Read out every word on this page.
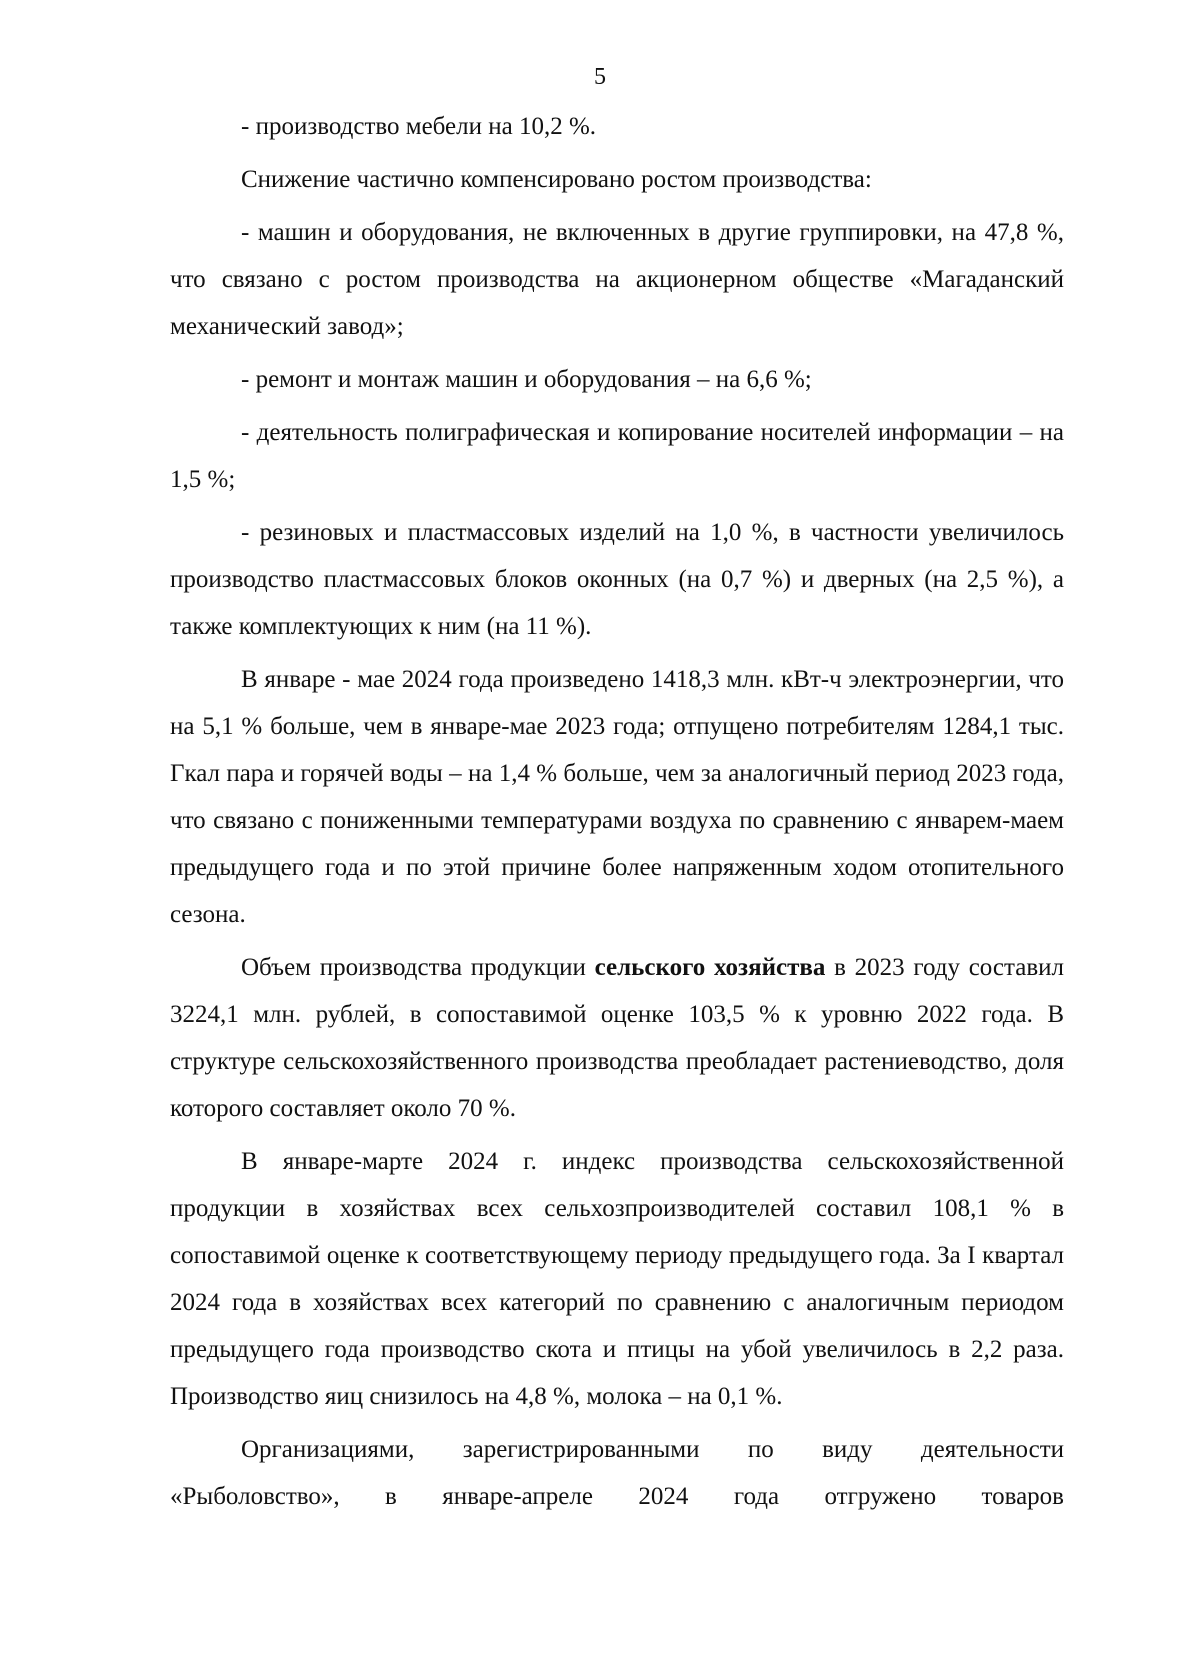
5

- производство мебели на 10,2 %.

Снижение частично компенсировано ростом производства:

- машин и оборудования, не включенных в другие группировки, на 47,8 %, что связано с ростом производства на акционерном обществе «Магаданский механический завод»;

- ремонт и монтаж машин и оборудования – на 6,6 %;

- деятельность полиграфическая и копирование носителей информации – на 1,5 %;

- резиновых и пластмассовых изделий на 1,0 %, в частности увеличилось производство пластмассовых блоков оконных (на 0,7 %) и дверных (на 2,5 %), а также комплектующих к ним (на 11 %).

В январе - мае 2024 года произведено 1418,3 млн. кВт-ч электроэнергии, что на 5,1 % больше, чем в январе-мае 2023 года; отпущено потребителям 1284,1 тыс. Гкал пара и горячей воды – на 1,4 % больше, чем за аналогичный период 2023 года, что связано с пониженными температурами воздуха по сравнению с январем-маем предыдущего года и по этой причине более напряженным ходом отопительного сезона.

Объем производства продукции сельского хозяйства в 2023 году составил 3224,1 млн. рублей, в сопоставимой оценке 103,5 % к уровню 2022 года. В структуре сельскохозяйственного производства преобладает растениеводство, доля которого составляет около 70 %.

В январе-марте 2024 г. индекс производства сельскохозяйственной продукции в хозяйствах всех сельхозпроизводителей составил 108,1 % в сопоставимой оценке к соответствующему периоду предыдущего года. За I квартал 2024 года в хозяйствах всех категорий по сравнению с аналогичным периодом предыдущего года производство скота и птицы на убой увеличилось в 2,2 раза. Производство яиц снизилось на 4,8 %, молока – на 0,1 %.

Организациями, зарегистрированными по виду деятельности «Рыболовство», в январе-апреле 2024 года отгружено товаров
